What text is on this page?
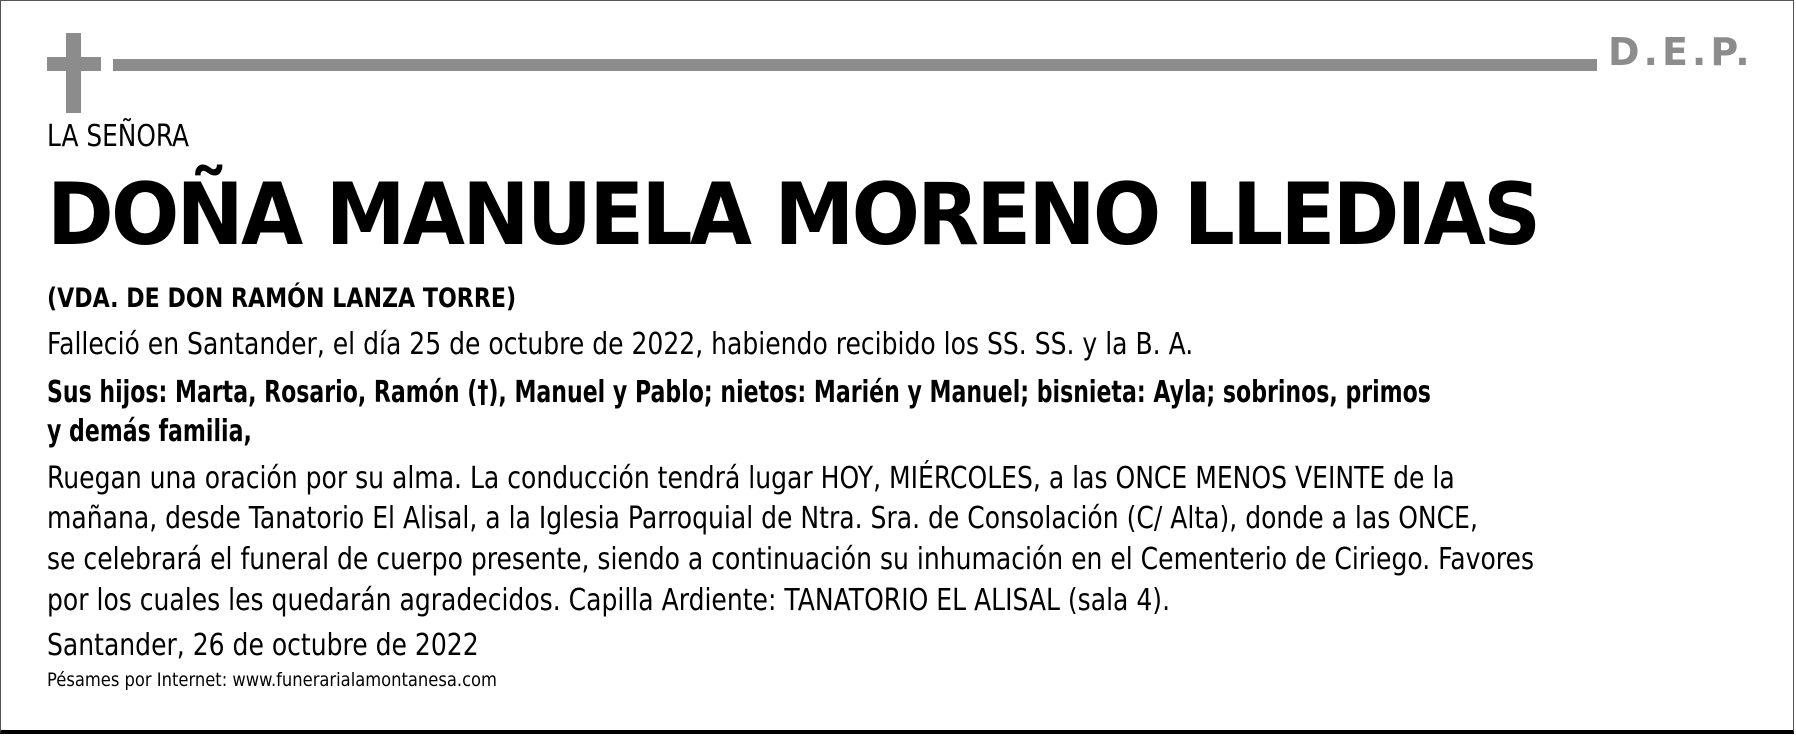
D.E.P.
LA SEÑORA
DOÑA MANUELA MORENO LLEDIAS
(VDA. DE DON RAMÓN LANZA TORRE)
Falleció en Santander, el día 25 de octubre de 2022, habiendo recibido los SS. SS. y la B. A.
Sus hijos: Marta, Rosario, Ramón (†), Manuel y Pablo; nietos: Marién y Manuel; bisnieta: Ayla; sobrinos, primos
y demás familia,
Ruegan una oración por su alma. La conducción tendrá lugar HOY, MIÉRCOLES, a las ONCE MENOS VEINTE de la
mañana, desde Tanatorio El Alisal, a la Iglesia Parroquial de Ntra. Sra. de Consolación (C/ Alta), donde a las ONCE,
se celebrará el funeral de cuerpo presente, siendo a continuación su inhumación en el Cementerio de Ciriego. Favores
por los cuales les quedarán agradecidos. Capilla Ardiente: TANATORIO EL ALISAL (sala 4).
Santander, 26 de octubre de 2022
Pésames por Internet: www.funerarialamontanesa.com
